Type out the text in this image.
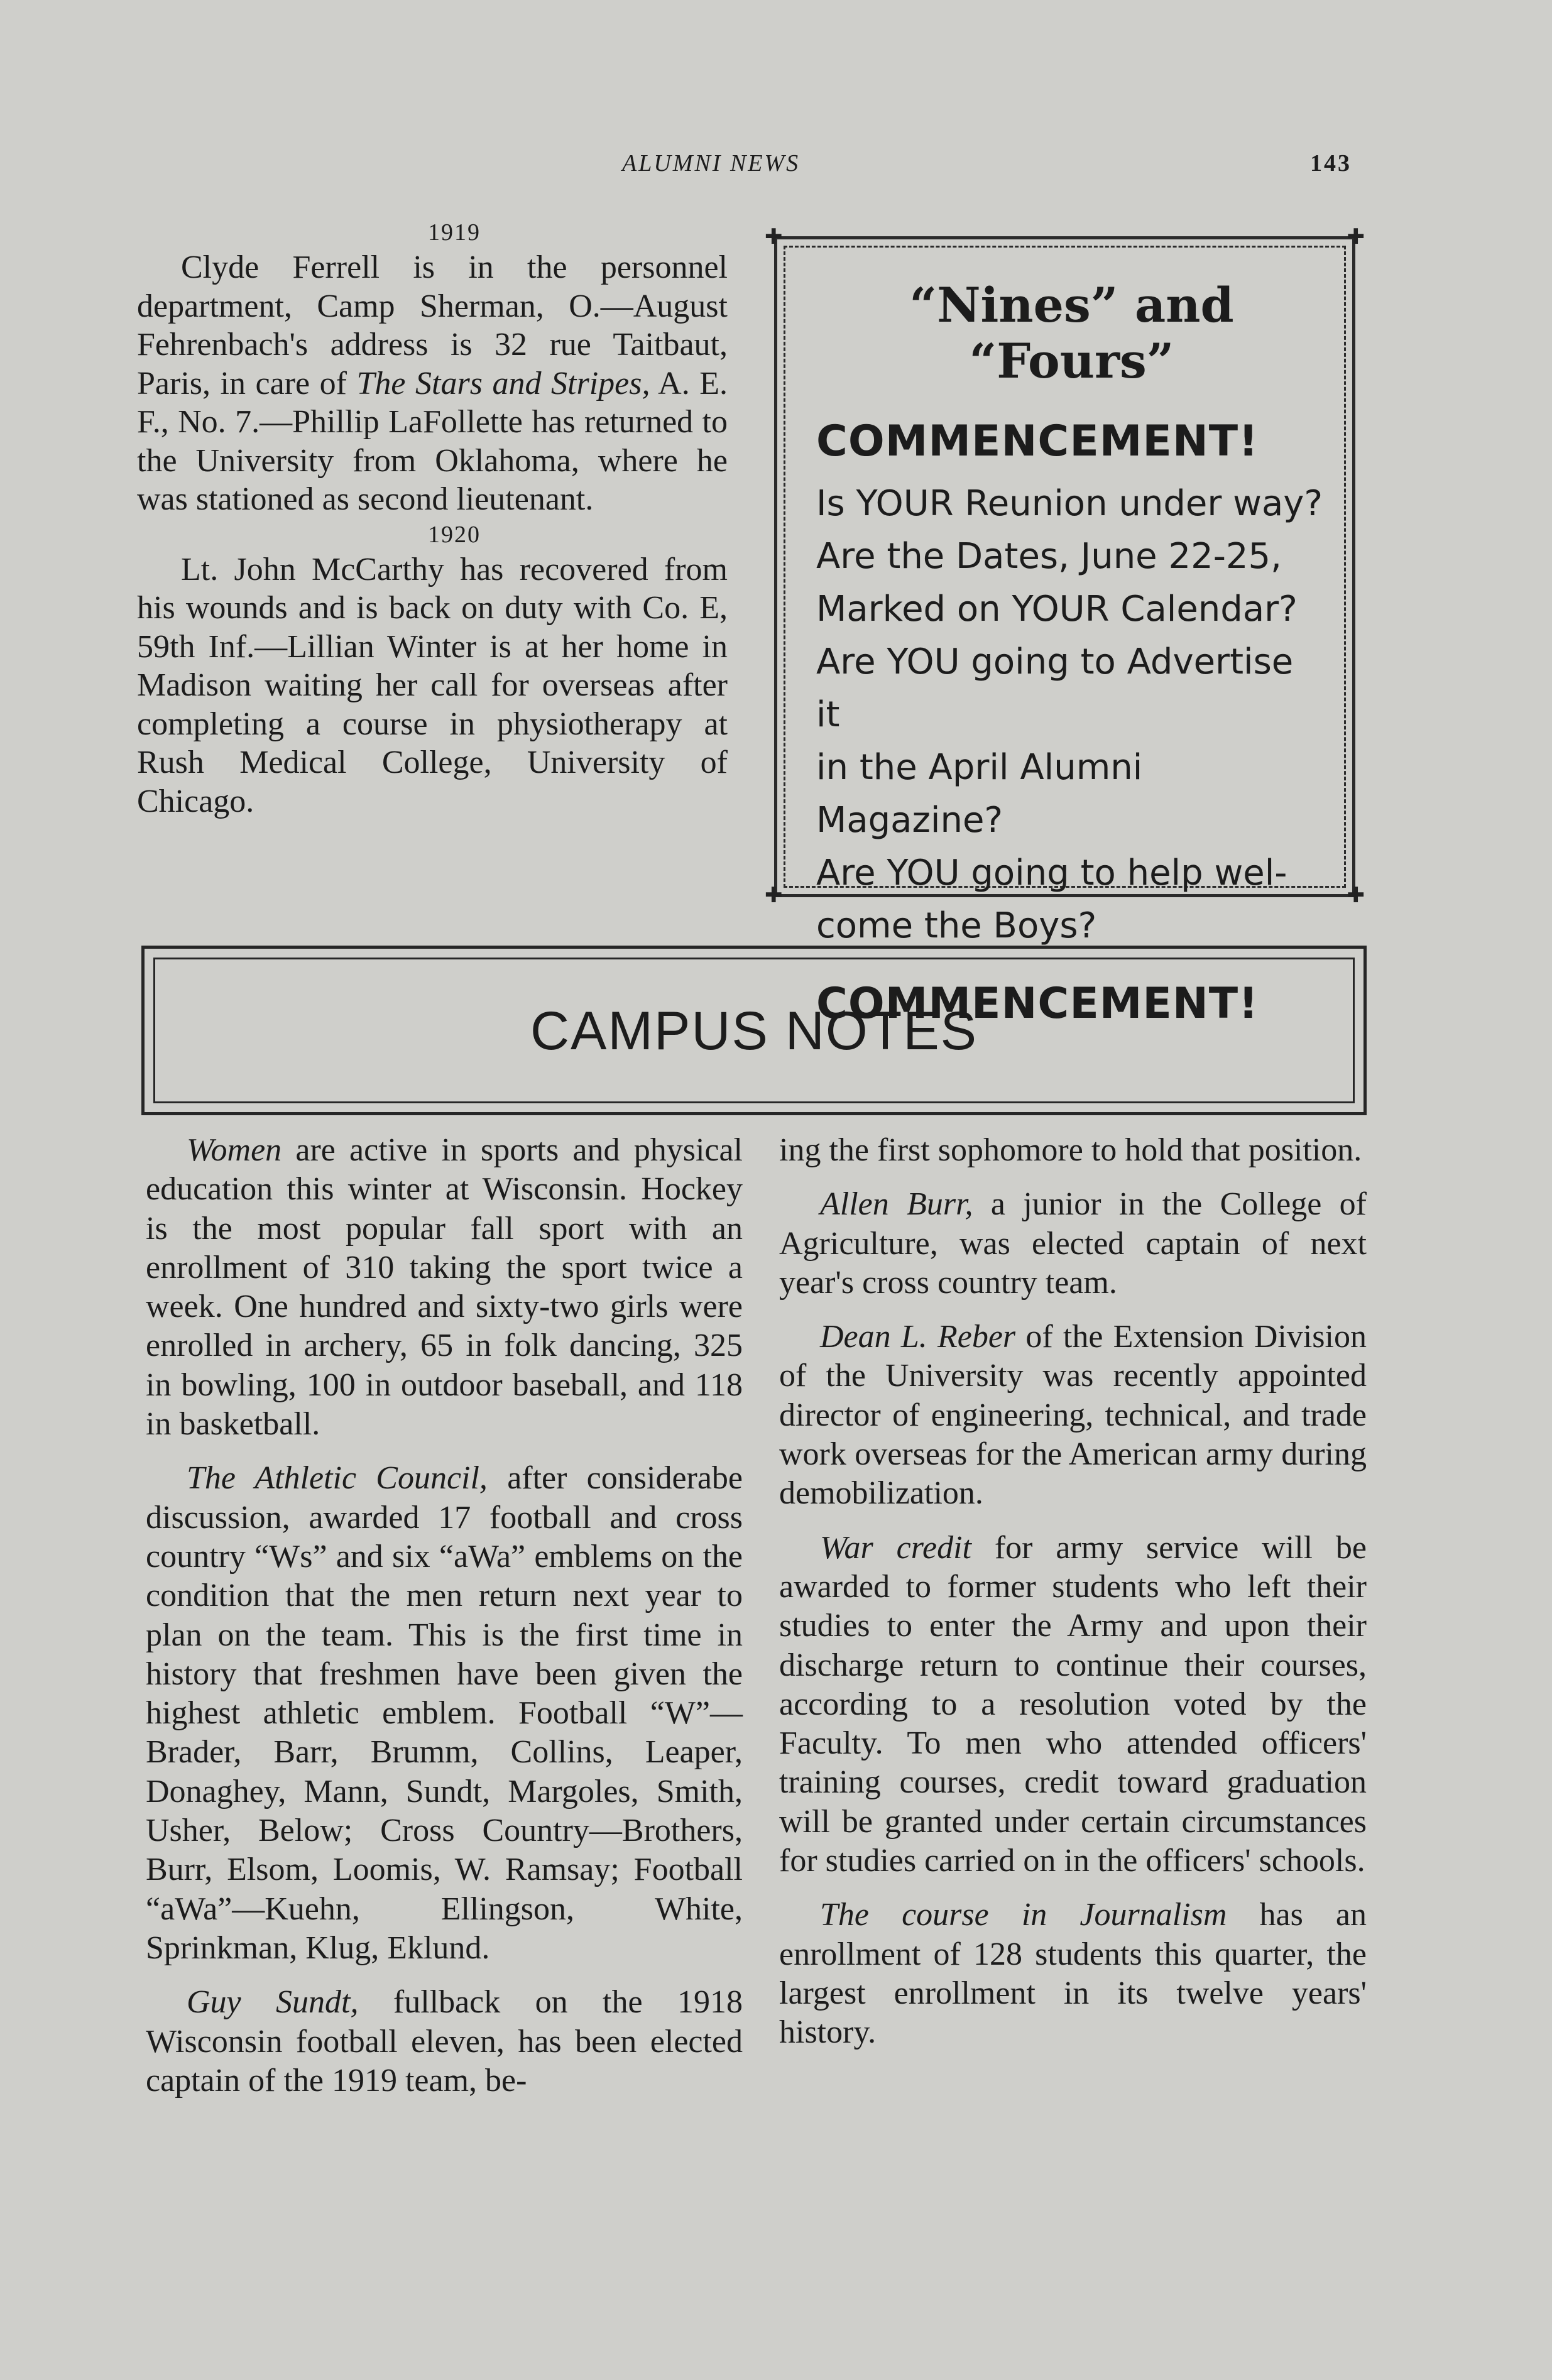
ALUMNI NEWS	143

1919

Clyde Ferrell is in the personnel department, Camp Sherman, O.—August Fehrenbach's address is 32 rue Taitbaut, Paris, in care of The Stars and Stripes, A. E. F., No. 7.—Phillip LaFollette has returned to the University from Oklahoma, where he was stationed as second lieutenant.

1920

Lt. John McCarthy has recovered from his wounds and is back on duty with Co. E, 59th Inf.—Lillian Winter is at her home in Madison waiting her call for overseas after completing a course in physiotherapy at Rush Medical College, University of Chicago.

✚	✚
✚	✚

“Nines” and “Fours”

COMMENCEMENT!

Is YOUR Reunion under way?

Are the Dates, June 22-25,

Marked on YOUR Calendar?

Are YOU going to Advertise it

in the April Alumni Magazine?

Are YOU going to help wel-

come the Boys?

COMMENCEMENT!

CAMPUS NOTES

Women are active in sports and physical education this winter at Wisconsin. Hockey is the most popular fall sport with an enrollment of 310 taking the sport twice a week. One hundred and sixty-two girls were enrolled in archery, 65 in folk dancing, 325 in bowling, 100 in outdoor baseball, and 118 in basketball.

The Athletic Council, after considerabe discussion, awarded 17 football and cross country “Ws” and six “aWa” emblems on the condition that the men return next year to plan on the team. This is the first time in history that freshmen have been given the highest athletic emblem. Football “W”—Brader, Barr, Brumm, Collins, Leaper, Donaghey, Mann, Sundt, Margoles, Smith, Usher, Below; Cross Country—Brothers, Burr, Elsom, Loomis, W. Ramsay; Football “aWa”—Kuehn, Ellingson, White, Sprinkman, Klug, Eklund.

Guy Sundt, fullback on the 1918 Wisconsin football eleven, has been elected captain of the 1919 team, be-

ing the first sophomore to hold that position.

Allen Burr, a junior in the College of Agriculture, was elected captain of next year's cross country team.

Dean L. Reber of the Extension Division of the University was recently appointed director of engineering, technical, and trade work overseas for the American army during demobilization.

War credit for army service will be awarded to former students who left their studies to enter the Army and upon their discharge return to continue their courses, according to a resolution voted by the Faculty. To men who attended officers' training courses, credit toward graduation will be granted under certain circumstances for studies carried on in the officers' schools.

The course in Journalism has an enrollment of 128 students this quarter, the largest enrollment in its twelve years' history.
